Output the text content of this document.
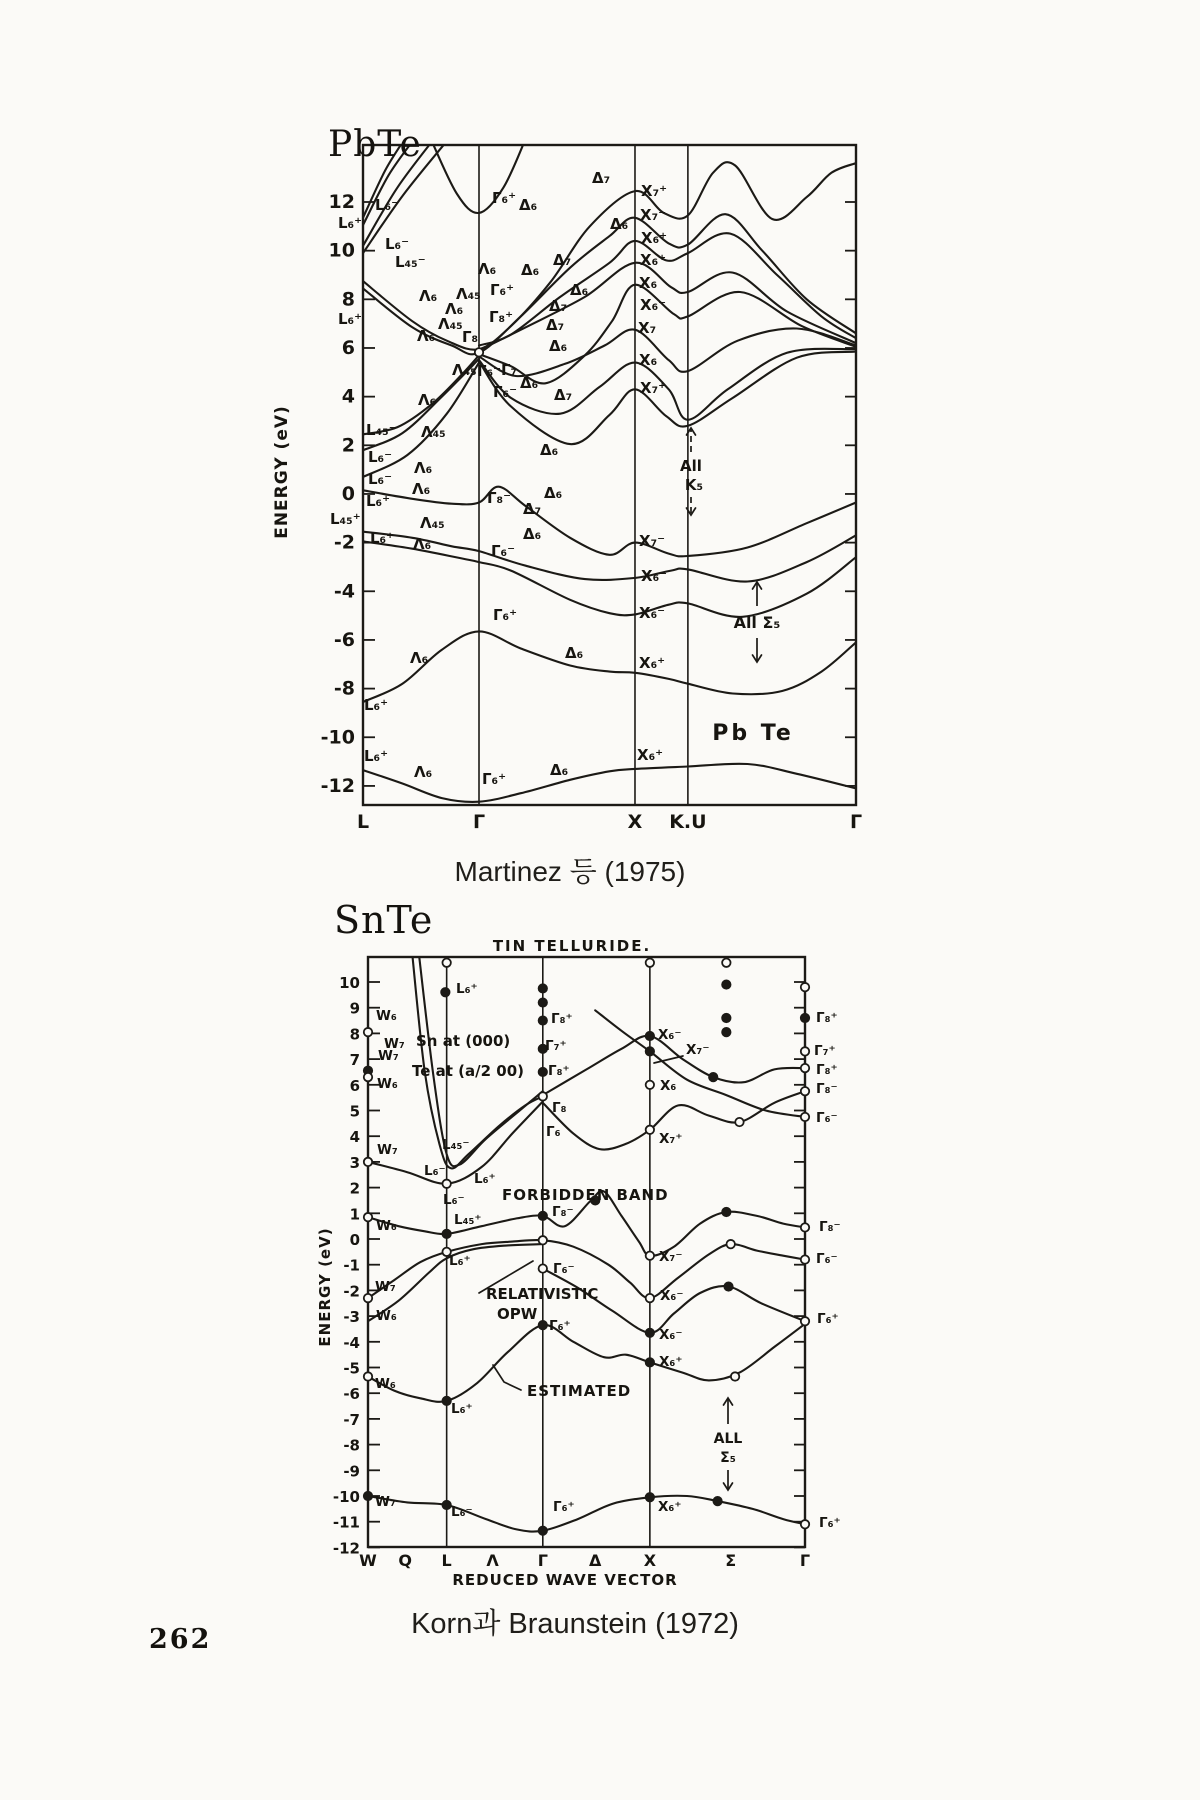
12
10
8
6
4
2
0
-2
-4
-6
-8
-10
-12
L	Γ	X K.U	Γ
ENERGY (eV)
L₆⁺
L₆⁺
L₄₅⁺
L₆⁻
L₆⁻
L₄₅⁻
L₄₅⁻
L₆⁻
L₆⁻
L₆⁺
L₆⁺
L₆⁺
L₆⁺
Λ₆
Λ₆ Λ₄₅
Λ₆
Λ₄₅
Λ₆
Λ₆
Λ₄₅
Λ₄₅
Λ₆
Λ₆
Λ₄₅
Λ₆
Λ₆
Λ₆
Γ₆⁺
Γ₆⁺
Γ₈⁺
Γ₈
Γ₆⁻ Γ₇
Γ₆⁻
Γ₈⁻
Γ₆⁻
Γ₆⁺
Γ₆⁺
Δ₆
Δ₇
Δ₆
Δ₆
Δ₇
Δ₆
Δ₇
Δ₇
Δ₆
Δ₆
Δ₇
Δ₆
Δ₆
Δ₇
Δ₆
Δ₆
Δ₆
X₇⁺
X₇⁻
X₆⁺
X₆⁺
X₆
X₆⁻
X₇
X₆
X₇⁺
X₇⁻
X₆⁻
X₆⁻
X₆⁺
X₆⁺
All
K₅
All Σ₅
Pb Te
10
9
8
7
6
5
4
3
2
1
0
-1
-2
-3
-4
-5
-6
-7
-8
-9
-10
-11
-12
W Q L Λ Γ	Δ	X	Σ	Γ
ENERGY (eV)
W₆
W₇
W₇
W₆
W₇
W₆
W₇
W₆
W₆
W₇
L₆⁺
L₄₅⁻
L₆⁻ L₆⁺
L₆⁻
L₄₅⁺
L₆⁺
L₆⁺
L₆⁻
Γ₈⁺
Γ₇⁺
Γ₈⁺
Γ₈
Γ₆
Γ₈⁻
Γ₆⁻
Γ₆⁺
Γ₆⁺
X₆⁻
X₇⁻
X₆
X₇⁺
X₇⁻
X₆⁻
X₆⁻
X₆⁺
X₆⁺
Γ₈⁺
Γ₇⁺
Γ₈⁺
Γ₈⁻
Γ₆⁻
Γ₈⁻
Γ₆⁻
Γ₆⁺
Γ₆⁺
TIN TELLURIDE.
Sn at (000)
Te at (a/2 00)
FORBIDDEN BAND
RELATIVISTIC
OPW
ESTIMATED
ALL
Σ₅
REDUCED WAVE VECTOR
PbTe
Martinez 등 (1975)
SnTe
Korn과 Braunstein (1972)
262
